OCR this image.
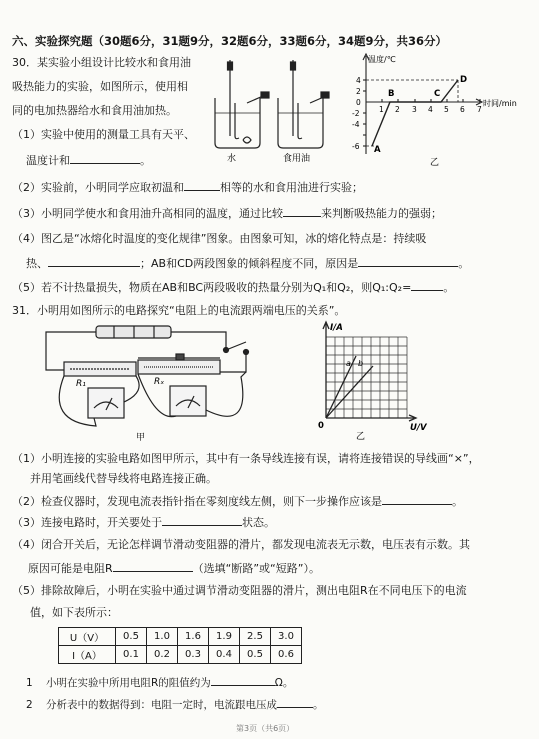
六、实验探究题（30题6分，31题9分，32题6分，33题6分，34题9分，共36分）
30．某实验小组设计比较水和食用油
吸热能力的实验，如图所示，使用相
同的电加热器给水和食用油加热。
水	食用油
温度/℃
时间/min
4
2
0
-2
-4
-6
1 2 3 4 5 6 7
A
B	C
D
乙
（1）实验中使用的测量工具有天平、
温度计和	。
（2）实验前，小明同学应取初温和	相等的水和食用油进行实验；
（3）小明同学使水和食用油升高相同的温度，通过比较	来判断吸热能力的强弱；
（4）图乙是“冰熔化时温度的变化规律”图象。由图象可知，冰的熔化特点是：持续吸
热、	；AB和CD两段图象的倾斜程度不同，原因是	。
（5）若不计热量损失，物质在AB和BC两段吸收的热量分别为Q₁和Q₂，则Q₁:Q₂=	。
31．小明用如图所示的电路探究“电阻上的电流跟两端电压的关系”。
R₁	Rₓ
甲
I/A
U/V
0
a b
乙
（1）小明连接的实验电路如图甲所示，其中有一条导线连接有误，请将连接错误的导线画“×”，
并用笔画线代替导线将电路连接正确。
（2）检查仪器时，发现电流表指针指在零刻度线左侧，则下一步操作应该是	。
（3）连接电路时，开关要处于	状态。
（4）闭合开关后，无论怎样调节滑动变阻器的滑片，都发现电流表无示数，电压表有示数。其
原因可能是电阻R	（选填“断路”或“短路”）。
（5）排除故障后，小明在实验中通过调节滑动变阻器的滑片，测出电阻R在不同电压下的电流
值，如下表所示：
U（V）	0.5	1.0	1.6	1.9	2.5	3.0
I（A）	0.1	0.2	0.3	0.4	0.5	0.6
1 小明在实验中所用电阻R的阻值约为	Ω。
2 分析表中的数据得到：电阻一定时，电流跟电压成	。
第3页（共6页）
